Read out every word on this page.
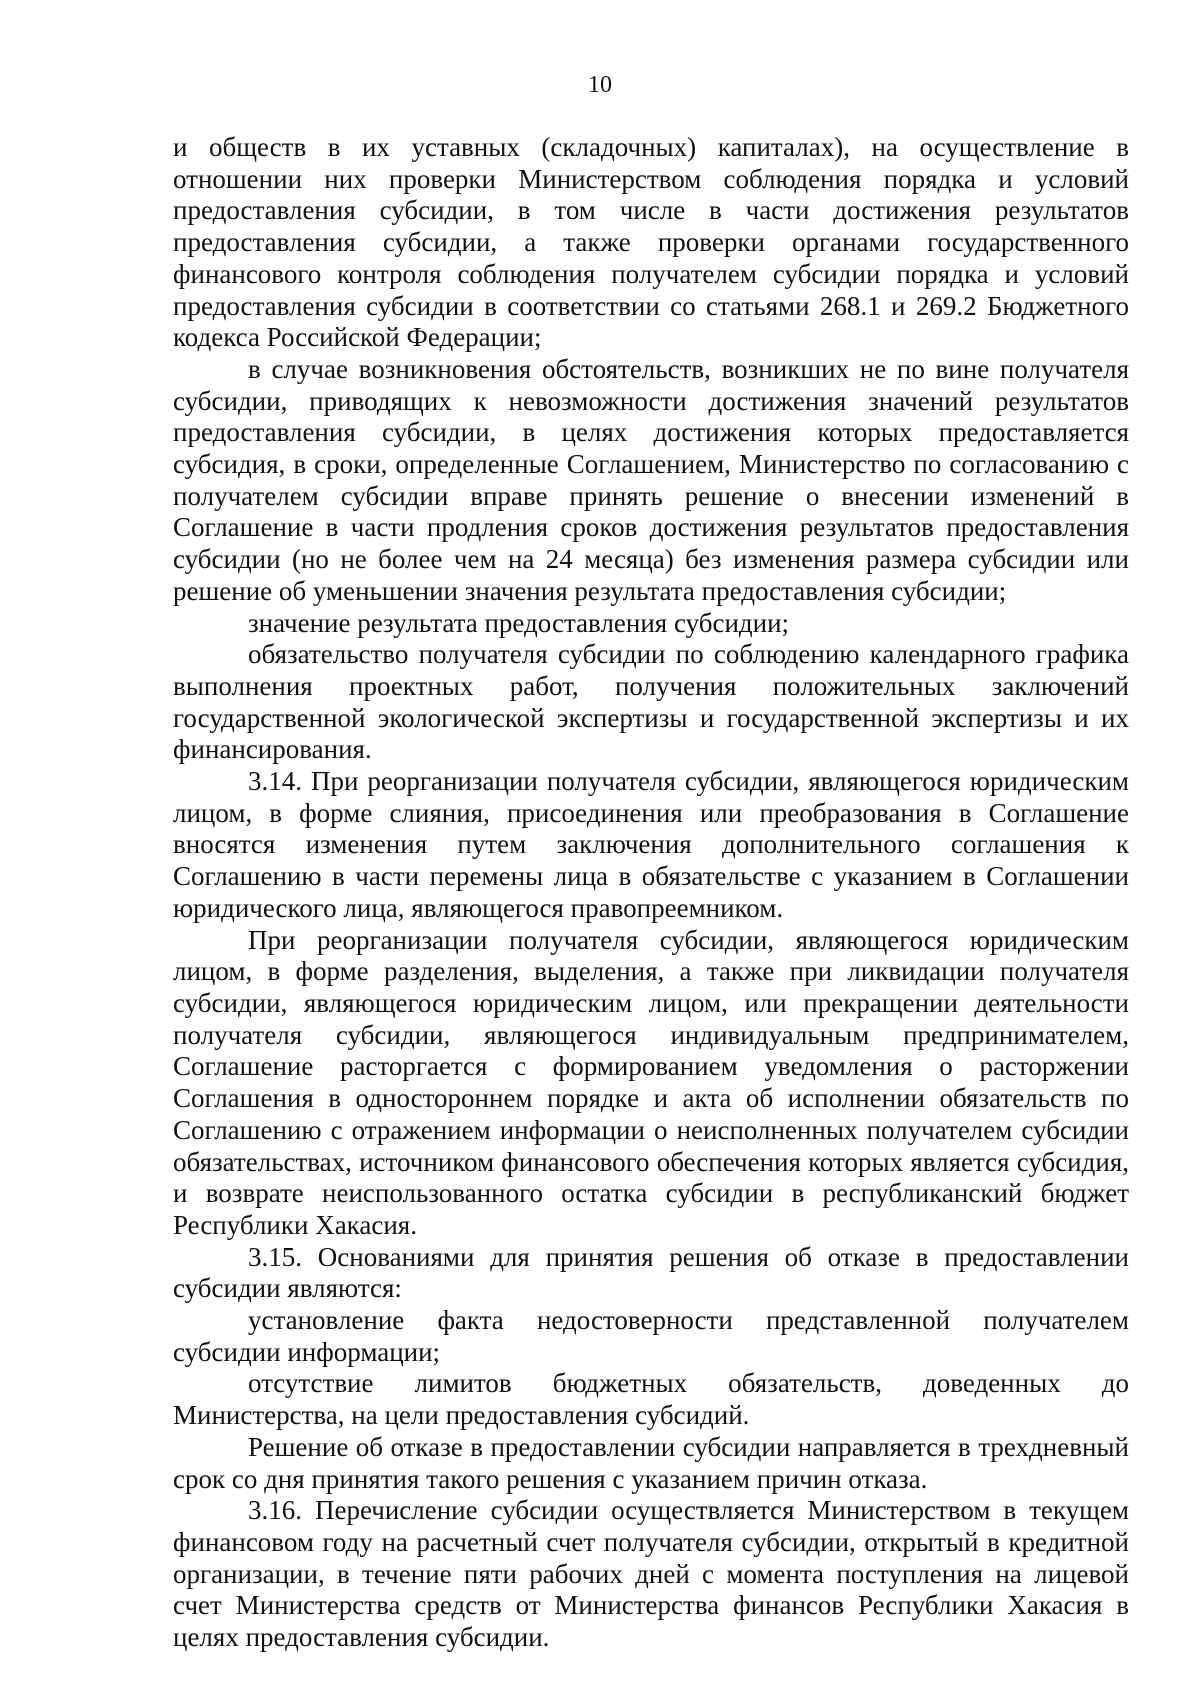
10

и обществ в их уставных (складочных) капиталах), на осуществление в отношении них проверки Министерством соблюдения порядка и условий предоставления субсидии, в том числе в части достижения результатов предоставления субсидии, а также проверки органами государственного финансового контроля соблюдения получателем субсидии порядка и условий предоставления субсидии в соответствии со статьями 268.1 и 269.2 Бюджетного кодекса Российской Федерации;

в случае возникновения обстоятельств, возникших не по вине получателя субсидии, приводящих к невозможности достижения значений результатов предоставления субсидии, в целях достижения которых предоставляется субсидия, в сроки, определенные Соглашением, Министерство по согласованию с получателем субсидии вправе принять решение о внесении изменений в Соглашение в части продления сроков достижения результатов предоставления субсидии (но не более чем на 24 месяца) без изменения размера субсидии или решение об уменьшении значения результата предоставления субсидии;

значение результата предоставления субсидии;

обязательство получателя субсидии по соблюдению календарного графика выполнения проектных работ, получения положительных заключений государственной экологической экспертизы и государственной экспертизы и их финансирования.

3.14. При реорганизации получателя субсидии, являющегося юридическим лицом, в форме слияния, присоединения или преобразования в Соглашение вносятся изменения путем заключения дополнительного соглашения к Соглашению в части перемены лица в обязательстве с указанием в Соглашении юридического лица, являющегося правопреемником.

При реорганизации получателя субсидии, являющегося юридическим лицом, в форме разделения, выделения, а также при ликвидации получателя субсидии, являющегося юридическим лицом, или прекращении деятельности получателя субсидии, являющегося индивидуальным предпринимателем, Соглашение расторгается с формированием уведомления о расторжении Соглашения в одностороннем порядке и акта об исполнении обязательств по Соглашению с отражением информации о неисполненных получателем субсидии обязательствах, источником финансового обеспечения которых является субсидия, и возврате неиспользованного остатка субсидии в республиканский бюджет Республики Хакасия.

3.15. Основаниями для принятия решения об отказе в предоставлении субсидии являются:

установление факта недостоверности представленной получателем субсидии информации;

отсутствие лимитов бюджетных обязательств, доведенных до Министерства, на цели предоставления субсидий.

Решение об отказе в предоставлении субсидии направляется в трехдневный срок со дня принятия такого решения с указанием причин отказа.

3.16. Перечисление субсидии осуществляется Министерством в текущем финансовом году на расчетный счет получателя субсидии, открытый в кредитной организации, в течение пяти рабочих дней с момента поступления на лицевой счет Министерства средств от Министерства финансов Республики Хакасия в целях предоставления субсидии.
